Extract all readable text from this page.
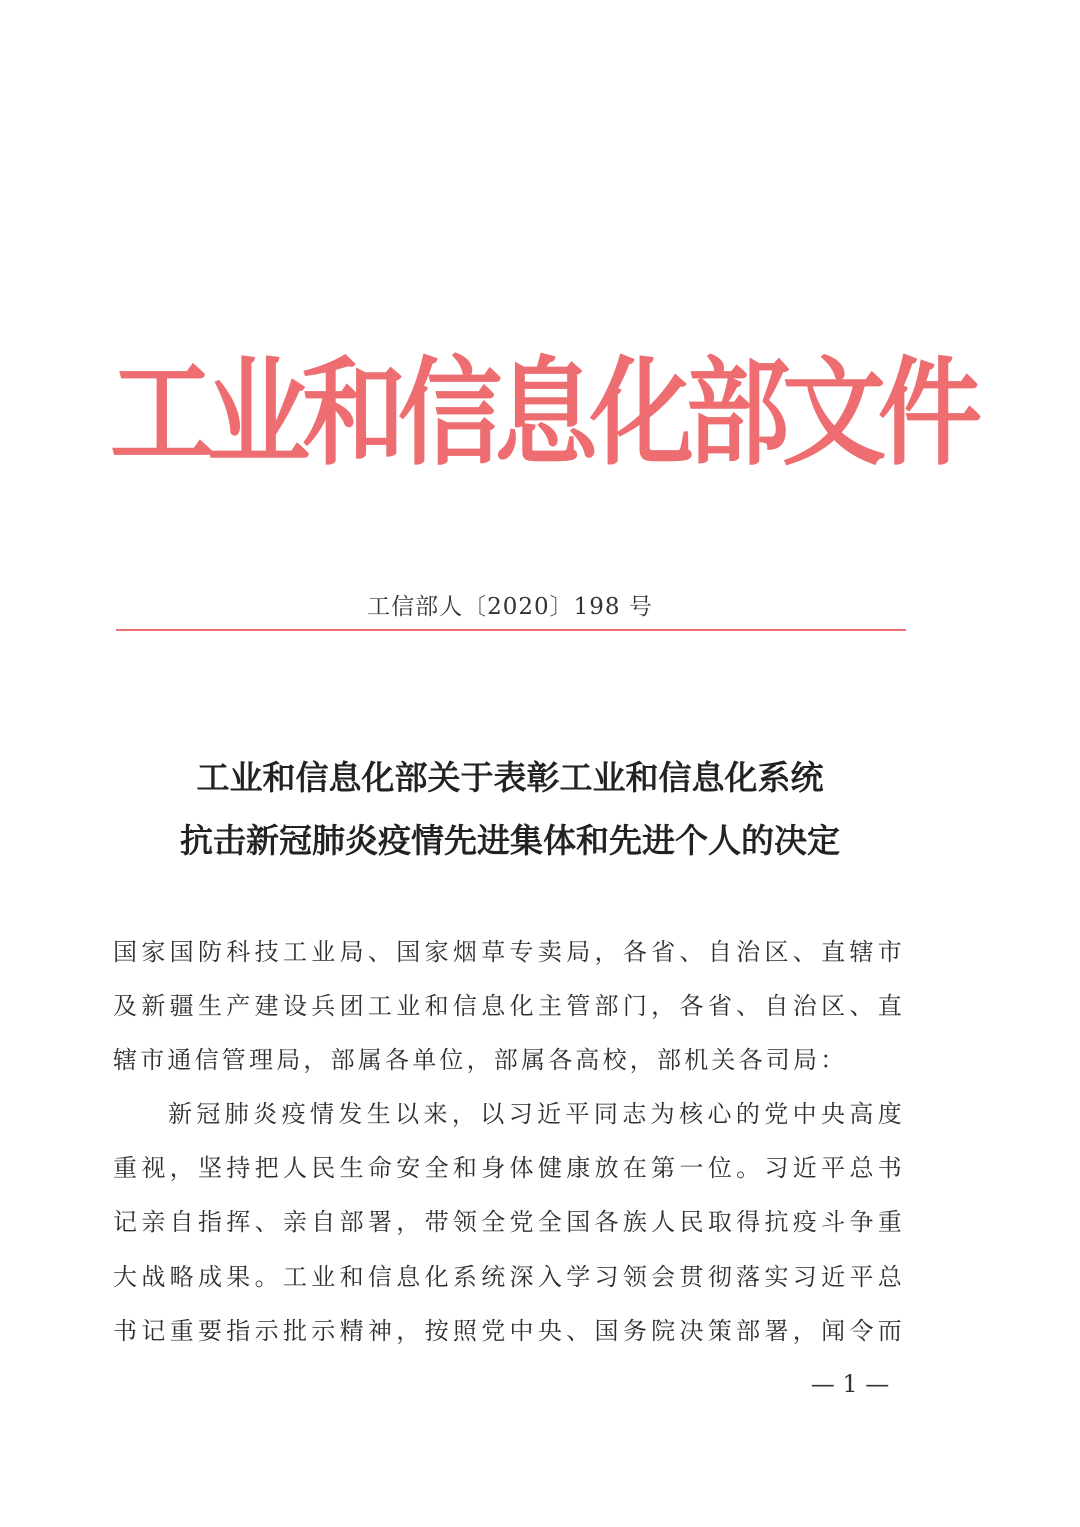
工业和信息化部文件
工信部人〔2020〕198 号
工业和信息化部关于表彰工业和信息化系统
抗击新冠肺炎疫情先进集体和先进个人的决定
国家国防科技工业局、国家烟草专卖局，各省、自治区、直辖市
及新疆生产建设兵团工业和信息化主管部门，各省、自治区、直
辖市通信管理局，部属各单位，部属各高校，部机关各司局：
新冠肺炎疫情发生以来，以习近平同志为核心的党中央高度
重视，坚持把人民生命安全和身体健康放在第一位。习近平总书
记亲自指挥、亲自部署，带领全党全国各族人民取得抗疫斗争重
大战略成果。工业和信息化系统深入学习领会贯彻落实习近平总
书记重要指示批示精神，按照党中央、国务院决策部署，闻令而
— 1 —
